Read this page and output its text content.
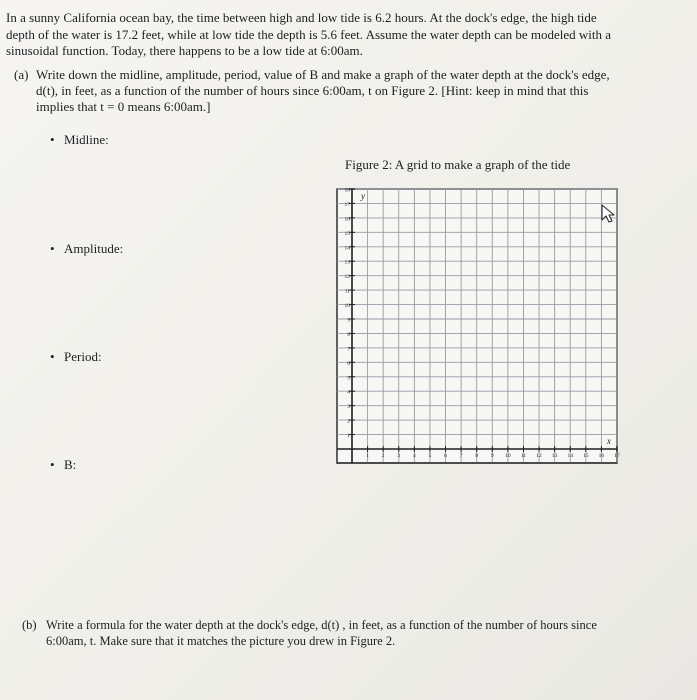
In a sunny California ocean bay, the time between high and low tide is 6.2 hours. At the dock's edge, the high tide depth of the water is 17.2 feet, while at low tide the depth is 5.6 feet. Assume the water depth can be modeled with a sinusoidal function. Today, there happens to be a low tide at 6:00am.
(a) Write down the midline, amplitude, period, value of B and make a graph of the water depth at the dock's edge, d(t), in feet, as a function of the number of hours since 6:00am, t on Figure 2. [Hint: keep in mind that this implies that t = 0 means 6:00am.]
• Midline:
• Amplitude:
• Period:
• B:
Figure 2: A grid to make a graph of the tide
1
2
3
4
5
6
7
8
9
10
11
12
13
14
15
16
17
18
1 2 3 4 5 6 7 8 9 10 11 12 13 14 15 16 17
y
x
(b) Write a formula for the water depth at the dock's edge, d(t) , in feet, as a function of the number of hours since 6:00am, t. Make sure that it matches the picture you drew in Figure 2.
